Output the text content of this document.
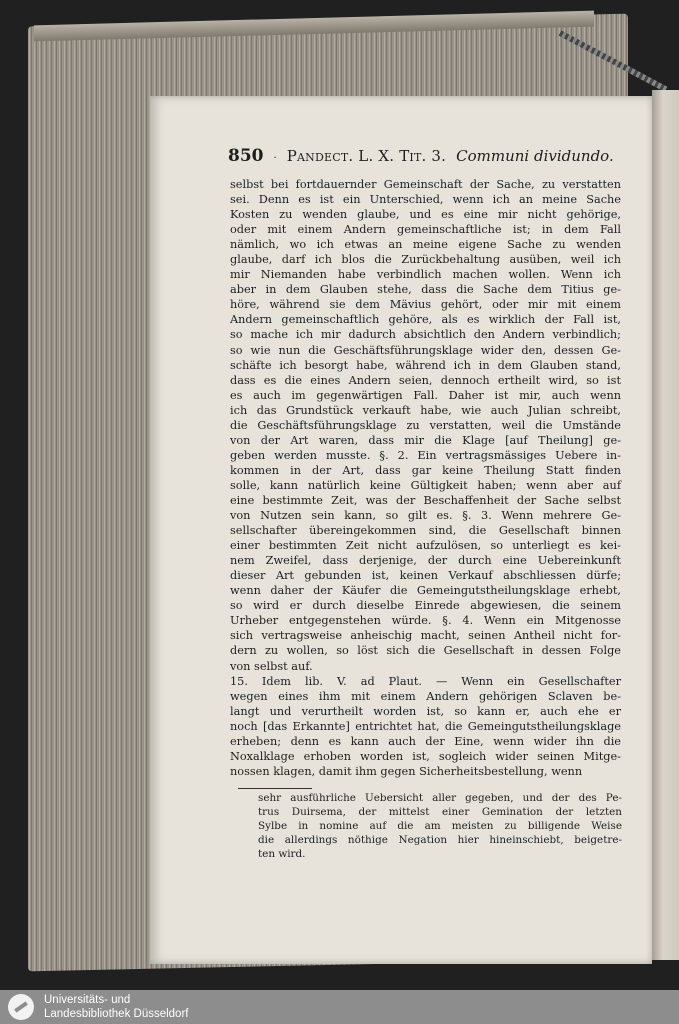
850 · Pandect. L. X. Tit. 3. Communi dividundo.
selbst bei fortdauernder Gemeinschaft der Sache, zu verstatten
sei. Denn es ist ein Unterschied, wenn ich an meine Sache
Kosten zu wenden glaube, und es eine mir nicht gehörige,
oder mit einem Andern gemeinschaftliche ist; in dem Fall
nämlich, wo ich etwas an meine eigene Sache zu wenden
glaube, darf ich blos die Zurückbehaltung ausüben, weil ich
mir Niemanden habe verbindlich machen wollen. Wenn ich
aber in dem Glauben stehe, dass die Sache dem Titius ge-
höre, während sie dem Mävius gehört, oder mir mit einem
Andern gemeinschaftlich gehöre, als es wirklich der Fall ist,
so mache ich mir dadurch absichtlich den Andern verbindlich;
so wie nun die Geschäftsführungsklage wider den, dessen Ge-
schäfte ich besorgt habe, während ich in dem Glauben stand,
dass es die eines Andern seien, dennoch ertheilt wird, so ist
es auch im gegenwärtigen Fall. Daher ist mir, auch wenn
ich das Grundstück verkauft habe, wie auch Julian schreibt,
die Geschäftsführungsklage zu verstatten, weil die Umstände
von der Art waren, dass mir die Klage [auf Theilung] ge-
geben werden musste. §. 2. Ein vertragsmässiges Uebere in-
kommen in der Art, dass gar keine Theilung Statt finden
solle, kann natürlich keine Gültigkeit haben; wenn aber auf
eine bestimmte Zeit, was der Beschaffenheit der Sache selbst
von Nutzen sein kann, so gilt es. §. 3. Wenn mehrere Ge-
sellschafter übereingekommen sind, die Gesellschaft binnen
einer bestimmten Zeit nicht aufzulösen, so unterliegt es kei-
nem Zweifel, dass derjenige, der durch eine Uebereinkunft
dieser Art gebunden ist, keinen Verkauf abschliessen dürfe;
wenn daher der Käufer die Gemeingutstheilungsklage erhebt,
so wird er durch dieselbe Einrede abgewiesen, die seinem
Urheber entgegenstehen würde. §. 4. Wenn ein Mitgenosse
sich vertragsweise anheischig macht, seinen Antheil nicht for-
dern zu wollen, so löst sich die Gesellschaft in dessen Folge
von selbst auf.
15. Idem lib. V. ad Plaut. — Wenn ein Gesellschafter
wegen eines ihm mit einem Andern gehörigen Sclaven be-
langt und verurtheilt worden ist, so kann er, auch ehe er
noch [das Erkannte] entrichtet hat, die Gemeingutstheilungsklage
erheben; denn es kann auch der Eine, wenn wider ihn die
Noxalklage erhoben worden ist, sogleich wider seinen Mitge-
nossen klagen, damit ihm gegen Sicherheitsbestellung, wenn
sehr ausführliche Uebersicht aller gegeben, und der des Pe-
trus Duirsema, der mittelst einer Gemination der letzten
Sylbe in nomine auf die am meisten zu billigende Weise
die allerdings nöthige Negation hier hineinschiebt, beigetre-
ten wird.
Universitäts- und
Landesbibliothek Düsseldorf
